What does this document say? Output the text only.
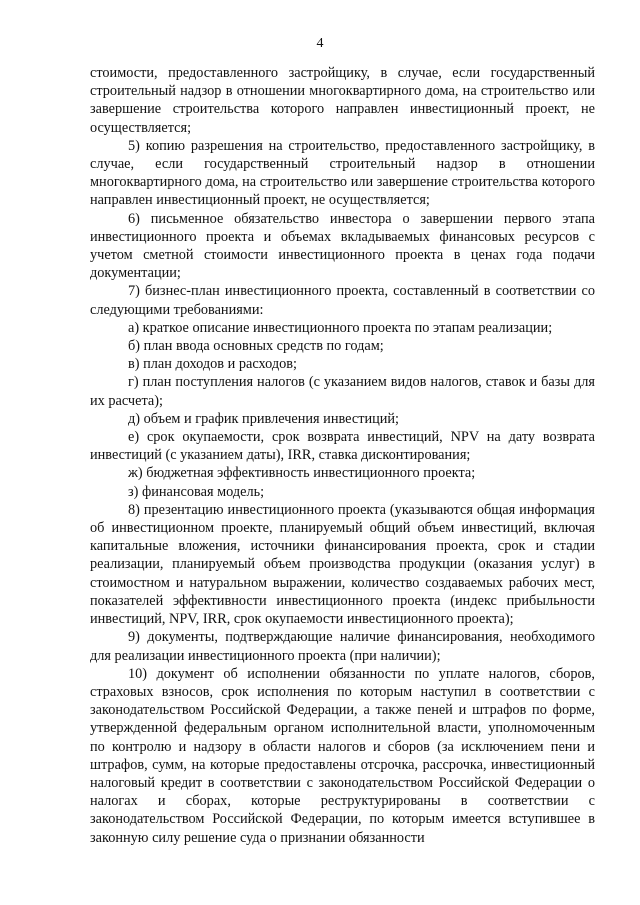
4

стоимости, предоставленного застройщику, в случае, если государственный строительный надзор в отношении многоквартирного дома, на строительство или завершение строительства которого направлен инвестиционный проект, не осуществляется;

5) копию разрешения на строительство, предоставленного застройщику, в случае, если государственный строительный надзор в отношении многоквартирного дома, на строительство или завершение строительства которого направлен инвестиционный проект, не осуществляется;

6) письменное обязательство инвестора о завершении первого этапа инвестиционного проекта и объемах вкладываемых финансовых ресурсов с учетом сметной стоимости инвестиционного проекта в ценах года подачи документации;

7) бизнес-план инвестиционного проекта, составленный в соответствии со следующими требованиями:

а) краткое описание инвестиционного проекта по этапам реализации;

б) план ввода основных средств по годам;

в) план доходов и расходов;

г) план поступления налогов (с указанием видов налогов, ставок и базы для их расчета);

д) объем и график привлечения инвестиций;

е) срок окупаемости, срок возврата инвестиций, NPV на дату возврата инвестиций (с указанием даты), IRR, ставка дисконтирования;

ж) бюджетная эффективность инвестиционного проекта;

з) финансовая модель;

8) презентацию инвестиционного проекта (указываются общая информация об инвестиционном проекте, планируемый общий объем инвестиций, включая капитальные вложения, источники финансирования проекта, срок и стадии реализации, планируемый объем производства продукции (оказания услуг) в стоимостном и натуральном выражении, количество создаваемых рабочих мест, показателей эффективности инвестиционного проекта (индекс прибыльности инвестиций, NPV, IRR, срок окупаемости инвестиционного проекта);

9) документы, подтверждающие наличие финансирования, необходимого для реализации инвестиционного проекта (при наличии);

10) документ об исполнении обязанности по уплате налогов, сборов, страховых взносов, срок исполнения по которым наступил в соответствии с законодательством Российской Федерации, а также пеней и штрафов по форме, утвержденной федеральным органом исполнительной власти, уполномоченным по контролю и надзору в области налогов и сборов (за исключением пени и штрафов, сумм, на которые предоставлены отсрочка, рассрочка, инвестиционный налоговый кредит в соответствии с законодательством Российской Федерации о налогах и сборах, которые реструктурированы в соответствии с законодательством Российской Федерации, по которым имеется вступившее в законную силу решение суда о признании обязанности
